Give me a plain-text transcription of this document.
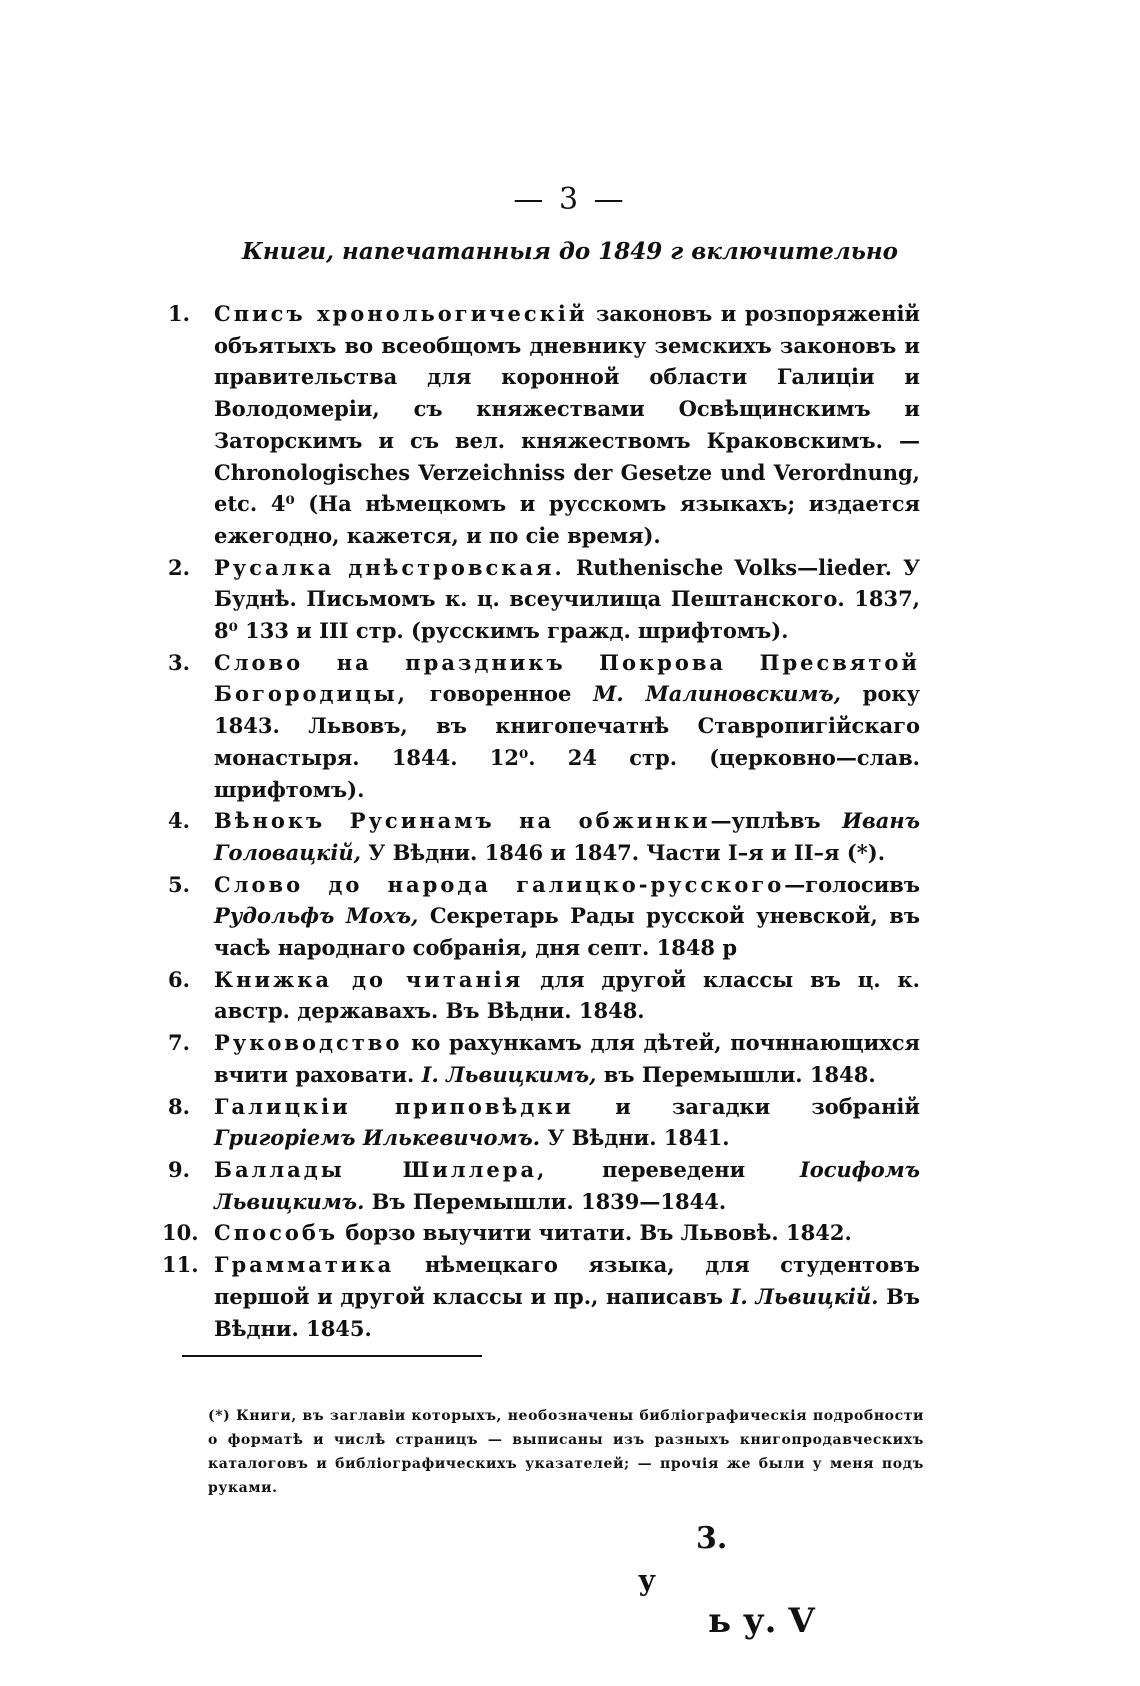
— 3 —
Книги, напечатанныя до 1849 г включительно
1.	Списъ хронольогическій законовъ и розпоряженій объятыхъ во всеобщомъ дневнику земскихъ законовъ и правительства для коронной области Галиціи и Володомеріи, съ княжествами Освѣщинскимъ и Заторскимъ и съ вел. княжествомъ Краковскимъ. — Chronologisches Verzeichniss der Gesetze und Verordnung, etc. 4⁰ (На нѣмецкомъ и русскомъ языкахъ; издается ежегодно, кажется, и по сіе время).
2.	Русалка днѣстровская. Ruthenische Volks—lieder. У Буднѣ. Письмомъ к. ц. всеучилища Пештанского. 1837, 8⁰ 133 и III стр. (русскимъ гражд. шрифтомъ).
3.	Слово на праздникъ Покрова Пресвятой Богородицы, говоренное М. Малиновскимъ, року 1843. Львовъ, въ книгопечатнѣ Ставропигійскаго монастыря. 1844. 12⁰. 24 стр. (церковно—слав. шрифтомъ).
4.	Вѣнокъ Русинамъ на обжинки—уплѣвъ Иванъ Головацкій, У Вѣдни. 1846 и 1847. Части I–я и II–я (*).
5.	Слово до народа галицко-русского—голосивъ Рудольфъ Мохъ, Секретарь Рады русской уневской, въ часѣ народнаго собранія, дня септ. 1848 р
6.	Книжка до читанія для другой классы въ ц. к. австр. державахъ. Въ Вѣдни. 1848.
7.	Руководство ко рахункамъ для дѣтей, почннающихся вчити раховати. I. Львицкимъ, въ Перемышли. 1848.
8.	Галицкіи приповѣдки и загадки зобраній Григоріемъ Илькевичомъ. У Вѣдни. 1841.
9.	Баллады Шиллера, переведени Iосифомъ Львицкимъ. Въ Перемышли. 1839—1844.
10. Способъ борзо выучити читати. Въ Львовѣ. 1842.
11. Грамматика нѣмецкаго языка, для студентовъ першой и другой классы и пр., написавъ I. Львицкій. Въ Вѣдни. 1845.
(*) Книги, въ заглавіи которыхъ, необозначены библіографическія подробности о форматѣ и числѣ страницъ — выписаны изъ разныхъ книгопродавческихъ каталоговъ и библіографическихъ указателей; — прочія же были у меня подъ руками.
3.
у
ь у. V
